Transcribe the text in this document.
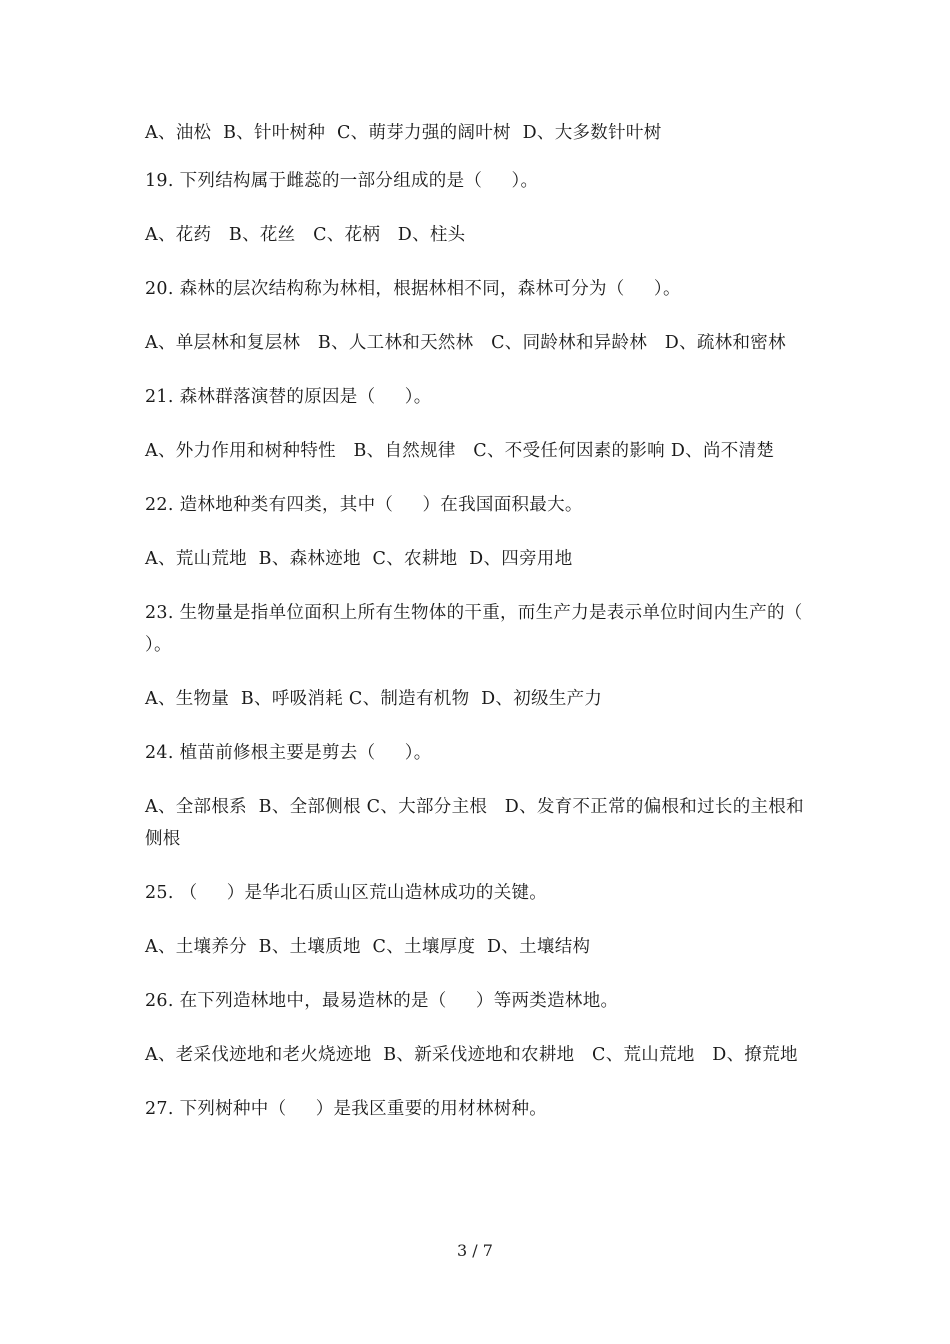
A、油松  B、针叶树种  C、萌芽力强的阔叶树  D、大多数针叶树

19. 下列结构属于雌蕊的一部分组成的是（     ）。

A、花药   B、花丝   C、花柄   D、柱头

20. 森林的层次结构称为林相，根据林相不同，森林可分为（     ）。

A、单层林和复层林   B、人工林和天然林   C、同龄林和异龄林   D、疏林和密林

21. 森林群落演替的原因是（     ）。

A、外力作用和树种特性   B、自然规律   C、不受任何因素的影响 D、尚不清楚

22. 造林地种类有四类，其中（     ）在我国面积最大。

A、荒山荒地  B、森林迹地  C、农耕地  D、四旁用地

23. 生物量是指单位面积上所有生物体的干重，而生产力是表示单位时间内生产的（     ）。

A、生物量  B、呼吸消耗 C、制造有机物  D、初级生产力

24. 植苗前修根主要是剪去（     ）。

A、全部根系  B、全部侧根 C、大部分主根   D、发育不正常的偏根和过长的主根和侧根

25. （     ）是华北石质山区荒山造林成功的关键。

A、土壤养分  B、土壤质地  C、土壤厚度  D、土壤结构

26. 在下列造林地中，最易造林的是（     ）等两类造林地。

A、老采伐迹地和老火烧迹地  B、新采伐迹地和农耕地   C、荒山荒地   D、撩荒地

27. 下列树种中（     ）是我区重要的用材林树种。

3 / 7
